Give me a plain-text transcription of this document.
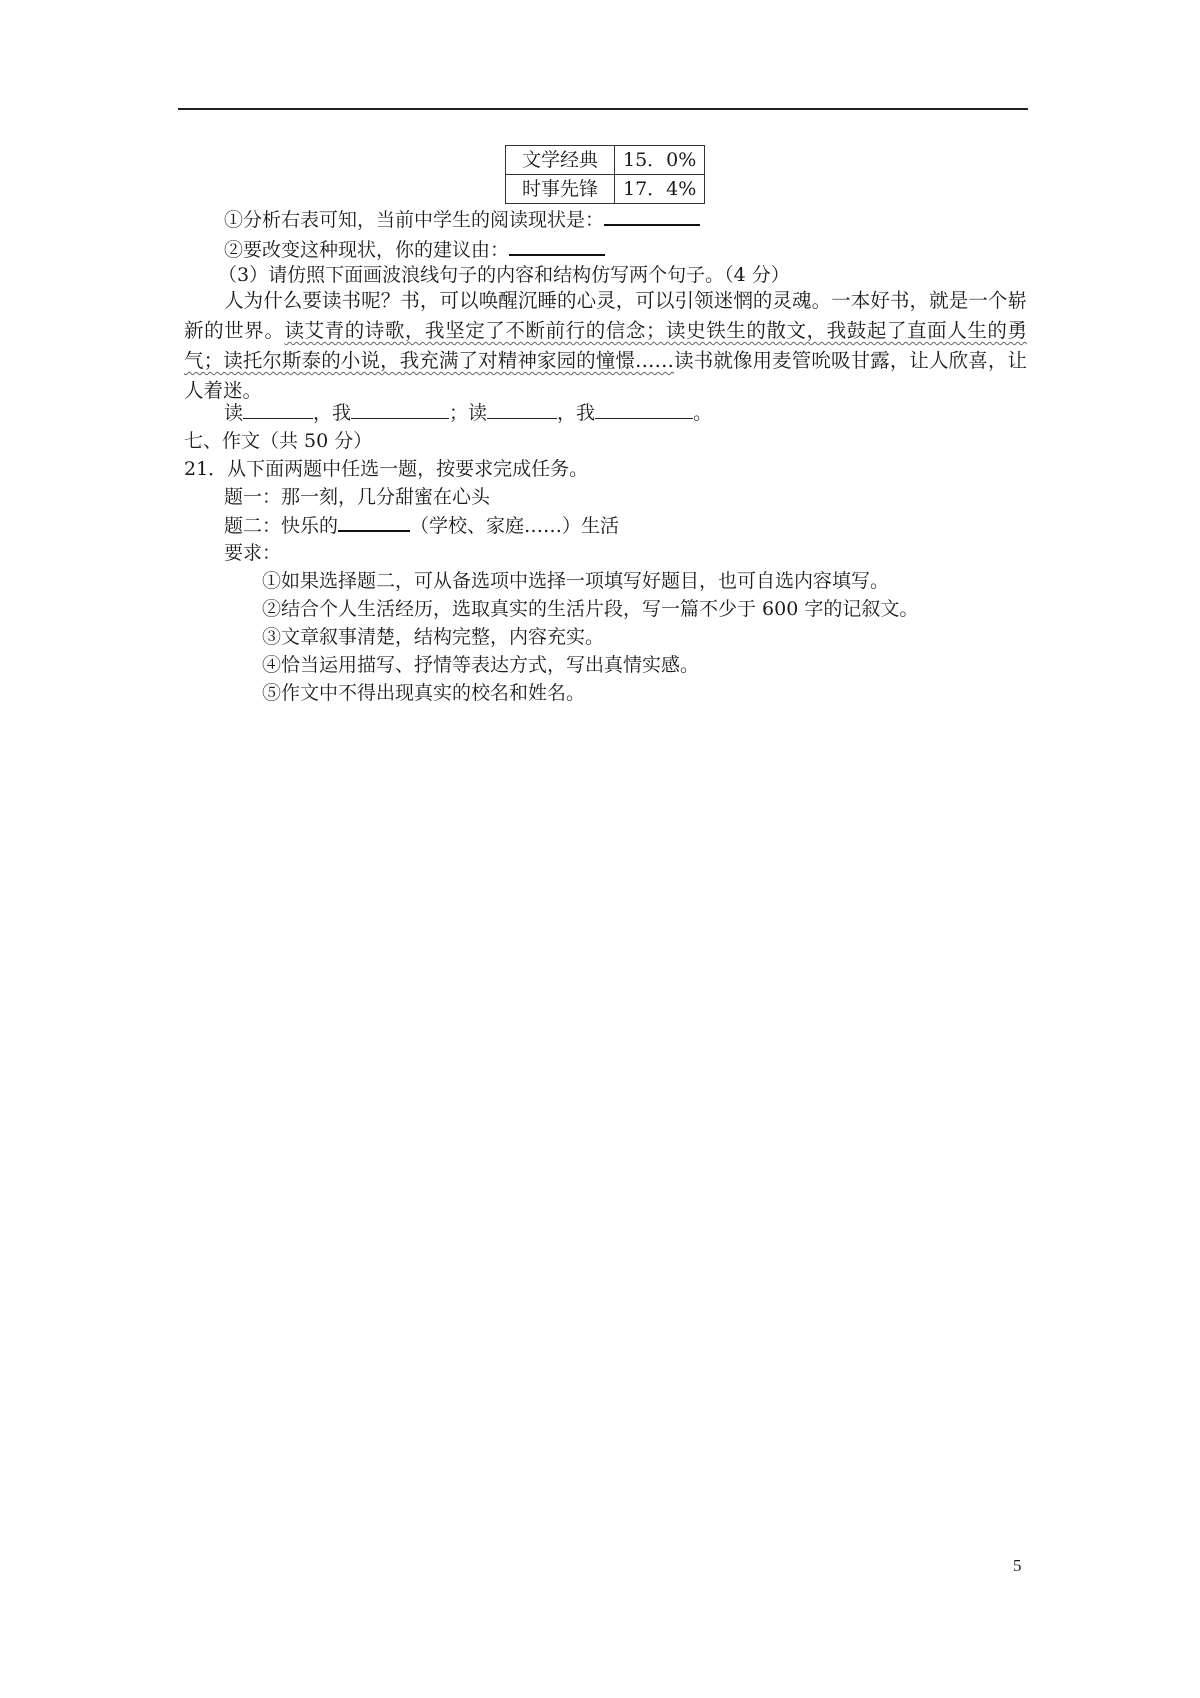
文学经典	15．0%
时事先锋	17．4%
①分析右表可知，当前中学生的阅读现状是：
②要改变这种现状，你的建议由：
（3）请仿照下面画波浪线句子的内容和结构仿写两个句子。（4 分）
人为什么要读书呢？书，可以唤醒沉睡的心灵，可以引领迷惘的灵魂。一本好书，就是一个崭新的世界。读艾青的诗歌，我坚定了不断前行的信念；读史铁生的散文，我鼓起了直面人生的勇气；读托尔斯泰的小说，我充满了对精神家园的憧憬……读书就像用麦管吮吸甘露，让人欣喜，让人着迷。
读	，我	；读	，我	。
七、作文（共 50 分）
21．从下面两题中任选一题，按要求完成任务。
题一：那一刻，几分甜蜜在心头
题二：快乐的	（学校、家庭……）生活
要求：
①如果选择题二，可从备选项中选择一项填写好题目，也可自选内容填写。
②结合个人生活经历，选取真实的生活片段，写一篇不少于 600 字的记叙文。
③文章叙事清楚，结构完整，内容充实。
④恰当运用描写、抒情等表达方式，写出真情实感。
⑤作文中不得出现真实的校名和姓名。
5
